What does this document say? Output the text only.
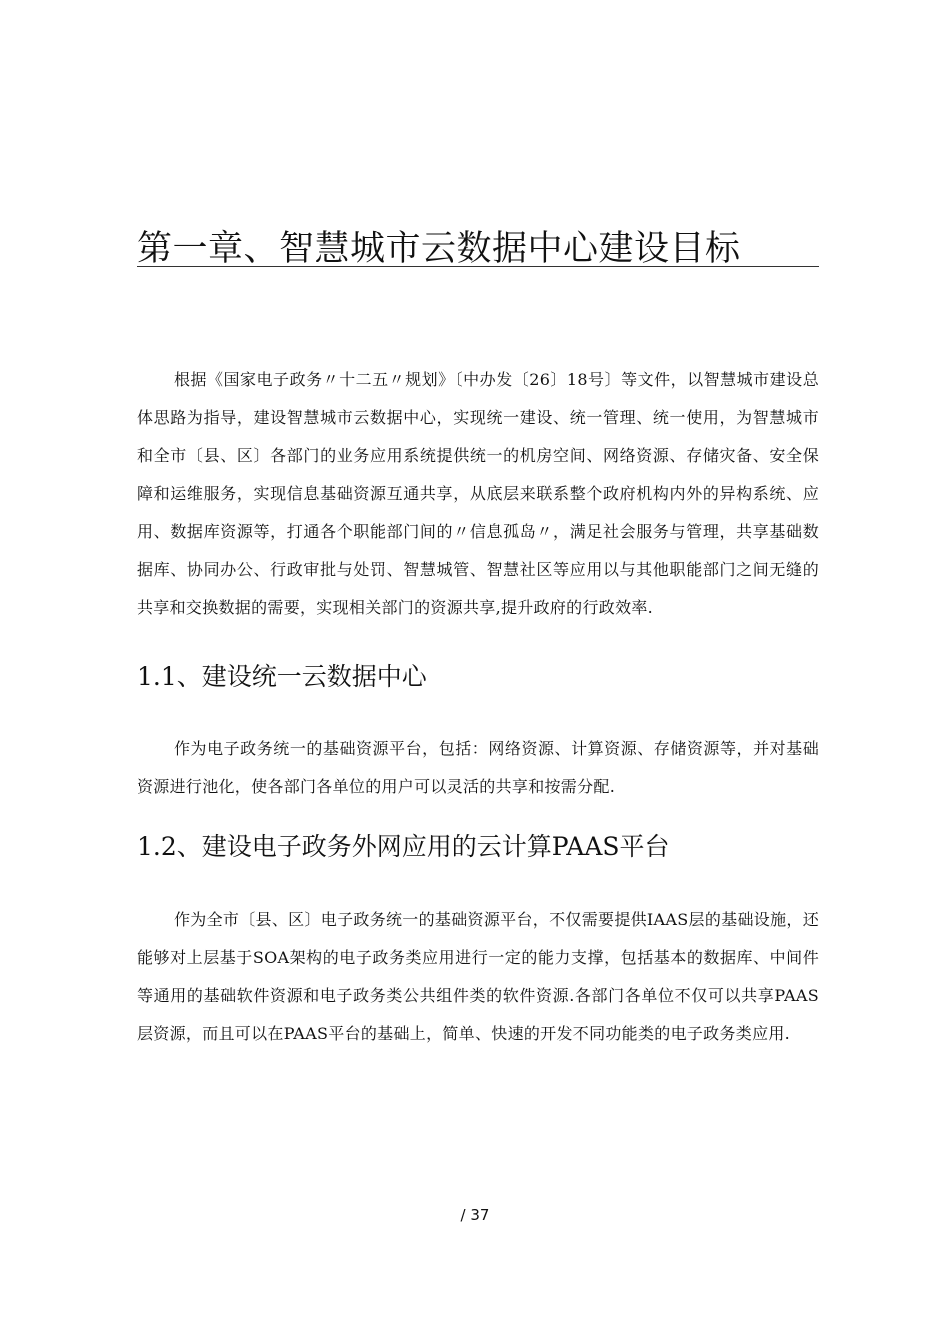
第一章、智慧城市云数据中心建设目标

根据《国家电子政务〃十二五〃规划》〔中办发〔26〕18号〕等文件，以智慧城市建设总体思路为指导，建设智慧城市云数据中心，实现统一建设、统一管理、统一使用，为智慧城市和全市〔县、区〕各部门的业务应用系统提供统一的机房空间、网络资源、存储灾备、安全保障和运维服务，实现信息基础资源互通共享，从底层来联系整个政府机构内外的异构系统、应用、数据库资源等，打通各个职能部门间的〃信息孤岛〃，满足社会服务与管理，共享基础数据库、协同办公、行政审批与处罚、智慧城管、智慧社区等应用以与其他职能部门之间无缝的共享和交换数据的需要，实现相关部门的资源共享,提升政府的行政效率.

1.1、建设统一云数据中心

作为电子政务统一的基础资源平台，包括：网络资源、计算资源、存储资源等，并对基础资源进行池化，使各部门各单位的用户可以灵活的共享和按需分配.

1.2、建设电子政务外网应用的云计算PAAS平台

作为全市〔县、区〕电子政务统一的基础资源平台，不仅需要提供IAAS层的基础设施，还能够对上层基于SOA架构的电子政务类应用进行一定的能力支撑，包括基本的数据库、中间件等通用的基础软件资源和电子政务类公共组件类的软件资源.各部门各单位不仅可以共享PAAS层资源，而且可以在PAAS平台的基础上，简单、快速的开发不同功能类的电子政务类应用.

/ 37
